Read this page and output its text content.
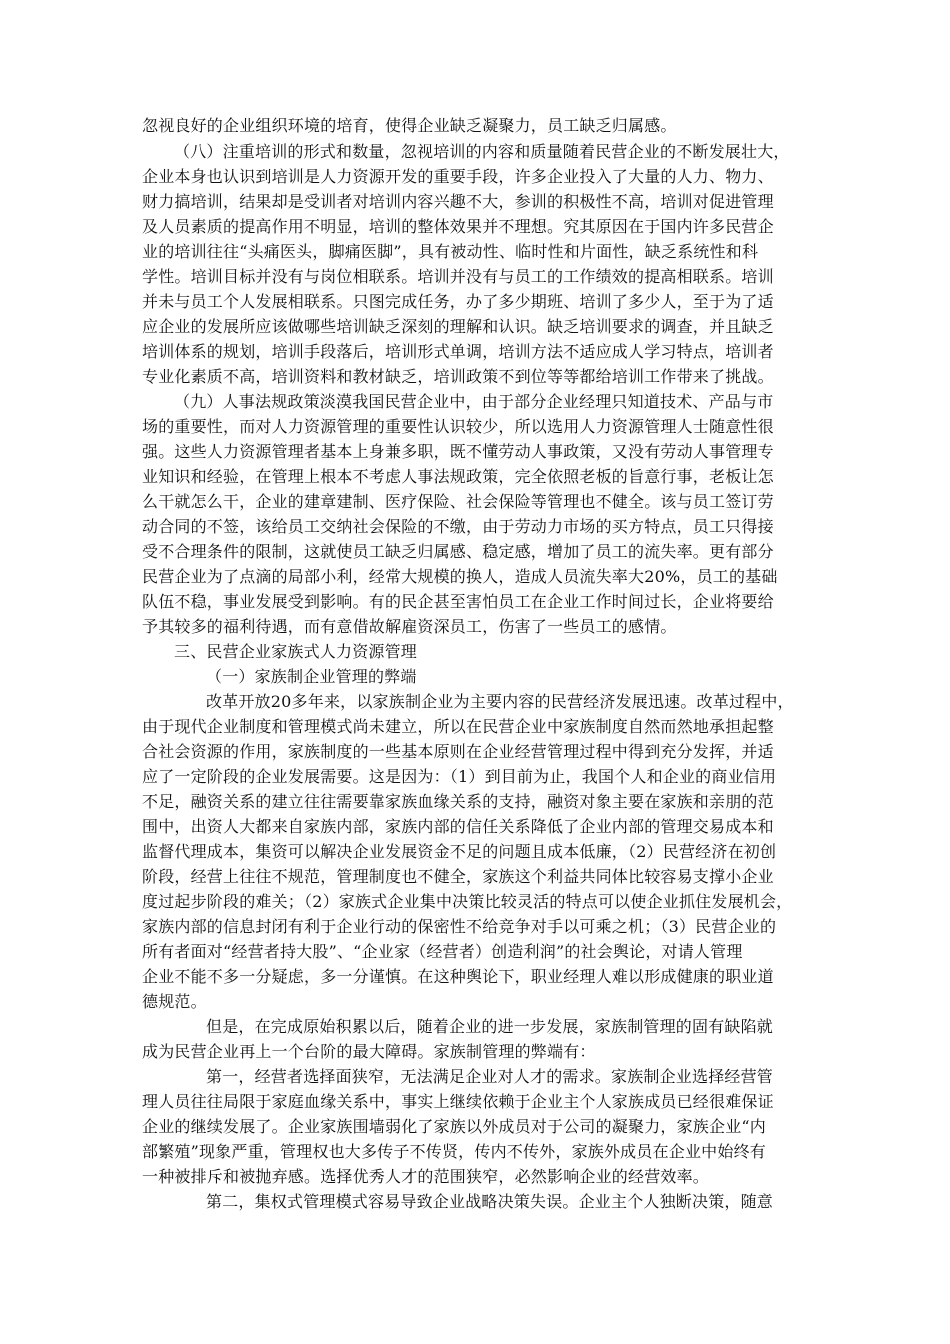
忽视良好的企业组织环境的培育，使得企业缺乏凝聚力，员工缺乏归属感。
（八）注重培训的形式和数量，忽视培训的内容和质量随着民营企业的不断发展壮大，
企业本身也认识到培训是人力资源开发的重要手段，许多企业投入了大量的人力、物力、
财力搞培训，结果却是受训者对培训内容兴趣不大，参训的积极性不高，培训对促进管理
及人员素质的提高作用不明显，培训的整体效果并不理想。究其原因在于国内许多民营企
业的培训往往“头痛医头，脚痛医脚”，具有被动性、临时性和片面性，缺乏系统性和科
学性。培训目标并没有与岗位相联系。培训并没有与员工的工作绩效的提高相联系。培训
并未与员工个人发展相联系。只图完成任务，办了多少期班、培训了多少人，至于为了适
应企业的发展所应该做哪些培训缺乏深刻的理解和认识。缺乏培训要求的调查，并且缺乏
培训体系的规划，培训手段落后，培训形式单调，培训方法不适应成人学习特点，培训者
专业化素质不高，培训资料和教材缺乏，培训政策不到位等等都给培训工作带来了挑战。
（九）人事法规政策淡漠我国民营企业中，由于部分企业经理只知道技术、产品与市
场的重要性，而对人力资源管理的重要性认识较少，所以选用人力资源管理人士随意性很
强。这些人力资源管理者基本上身兼多职，既不懂劳动人事政策，又没有劳动人事管理专
业知识和经验，在管理上根本不考虑人事法规政策，完全依照老板的旨意行事，老板让怎
么干就怎么干，企业的建章建制、医疗保险、社会保险等管理也不健全。该与员工签订劳
动合同的不签，该给员工交纳社会保险的不缴，由于劳动力市场的买方特点，员工只得接
受不合理条件的限制，这就使员工缺乏归属感、稳定感，增加了员工的流失率。更有部分
民营企业为了点滴的局部小利，经常大规模的换人，造成人员流失率大20%，员工的基础
队伍不稳，事业发展受到影响。有的民企甚至害怕员工在企业工作时间过长，企业将要给
予其较多的福利待遇，而有意借故解雇资深员工，伤害了一些员工的感情。
三、民营企业家族式人力资源管理
（一）家族制企业管理的弊端
改革开放20多年来，以家族制企业为主要内容的民营经济发展迅速。改革过程中，
由于现代企业制度和管理模式尚未建立，所以在民营企业中家族制度自然而然地承担起整
合社会资源的作用，家族制度的一些基本原则在企业经营管理过程中得到充分发挥，并适
应了一定阶段的企业发展需要。这是因为：（1）到目前为止，我国个人和企业的商业信用
不足，融资关系的建立往往需要靠家族血缘关系的支持，融资对象主要在家族和亲朋的范
围中，出资人大都来自家族内部，家族内部的信任关系降低了企业内部的管理交易成本和
监督代理成本，集资可以解决企业发展资金不足的问题且成本低廉，（2）民营经济在初创
阶段，经营上往往不规范，管理制度也不健全，家族这个利益共同体比较容易支撑小企业
度过起步阶段的难关；（2）家族式企业集中决策比较灵活的特点可以使企业抓住发展机会，
家族内部的信息封闭有利于企业行动的保密性不给竞争对手以可乘之机；（3）民营企业的
所有者面对“经营者持大股”、“企业家（经营者）创造利润”的社会舆论，对请人管理
企业不能不多一分疑虑，多一分谨慎。在这种舆论下，职业经理人难以形成健康的职业道
德规范。
但是，在完成原始积累以后，随着企业的进一步发展，家族制管理的固有缺陷就
成为民营企业再上一个台阶的最大障碍。家族制管理的弊端有：
第一，经营者选择面狭窄，无法满足企业对人才的需求。家族制企业选择经营管
理人员往往局限于家庭血缘关系中，事实上继续依赖于企业主个人家族成员已经很难保证
企业的继续发展了。企业家族围墙弱化了家族以外成员对于公司的凝聚力，家族企业“内
部繁殖”现象严重，管理权也大多传子不传贤，传内不传外，家族外成员在企业中始终有
一种被排斥和被抛弃感。选择优秀人才的范围狭窄，必然影响企业的经营效率。
第二，集权式管理模式容易导致企业战略决策失误。企业主个人独断决策，随意
